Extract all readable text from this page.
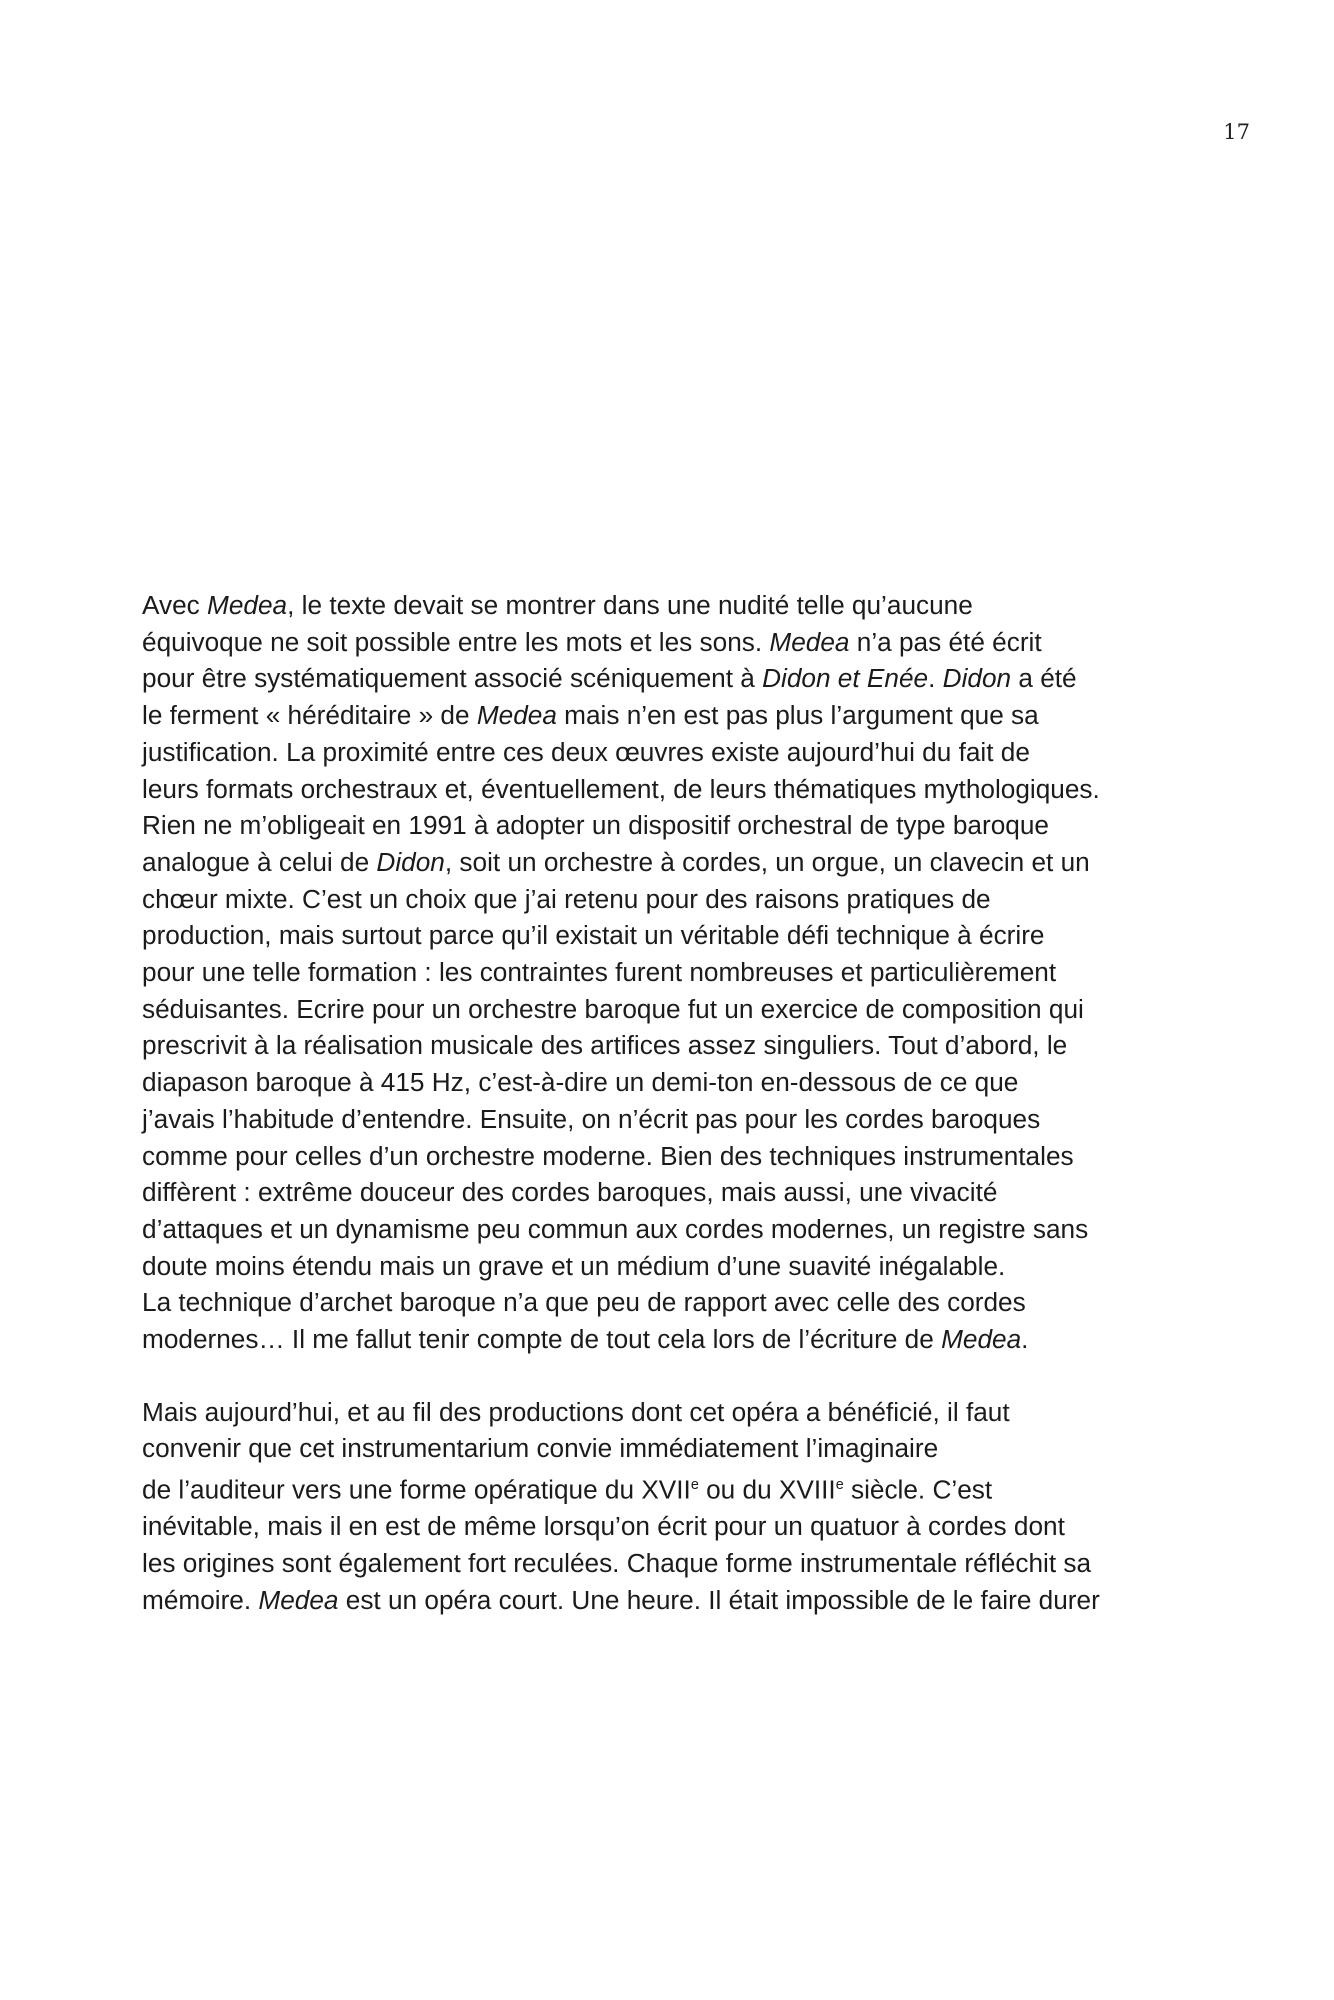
17

Avec Medea, le texte devait se montrer dans une nudité telle qu’aucune
équivoque ne soit possible entre les mots et les sons. Medea n’a pas été écrit
pour être systématiquement associé scéniquement à Didon et Enée. Didon a été
le ferment « héréditaire » de Medea mais n’en est pas plus l’argument que sa
justification. La proximité entre ces deux œuvres existe aujourd’hui du fait de
leurs formats orchestraux et, éventuellement, de leurs thématiques mythologiques.
Rien ne m’obligeait en 1991 à adopter un dispositif orchestral de type baroque
analogue à celui de Didon, soit un orchestre à cordes, un orgue, un clavecin et un
chœur mixte. C’est un choix que j’ai retenu pour des raisons pratiques de
production, mais surtout parce qu’il existait un véritable défi technique à écrire
pour une telle formation : les contraintes furent nombreuses et particulièrement
séduisantes. Ecrire pour un orchestre baroque fut un exercice de composition qui
prescrivit à la réalisation musicale des artifices assez singuliers. Tout d’abord, le
diapason baroque à 415 Hz, c’est-à-dire un demi-ton en-dessous de ce que
j’avais l’habitude d’entendre. Ensuite, on n’écrit pas pour les cordes baroques
comme pour celles d’un orchestre moderne. Bien des techniques instrumentales
diffèrent : extrême douceur des cordes baroques, mais aussi, une vivacité
d’attaques et un dynamisme peu commun aux cordes modernes, un registre sans
doute moins étendu mais un grave et un médium d’une suavité inégalable.
La technique d’archet baroque n’a que peu de rapport avec celle des cordes
modernes… Il me fallut tenir compte de tout cela lors de l’écriture de Medea.

Mais aujourd’hui, et au fil des productions dont cet opéra a bénéficié, il faut
convenir que cet instrumentarium convie immédiatement l’imaginaire
de l’auditeur vers une forme opératique du XVIIe ou du XVIIIe siècle. C’est
inévitable, mais il en est de même lorsqu’on écrit pour un quatuor à cordes dont
les origines sont également fort reculées. Chaque forme instrumentale réfléchit sa
mémoire. Medea est un opéra court. Une heure. Il était impossible de le faire durer
